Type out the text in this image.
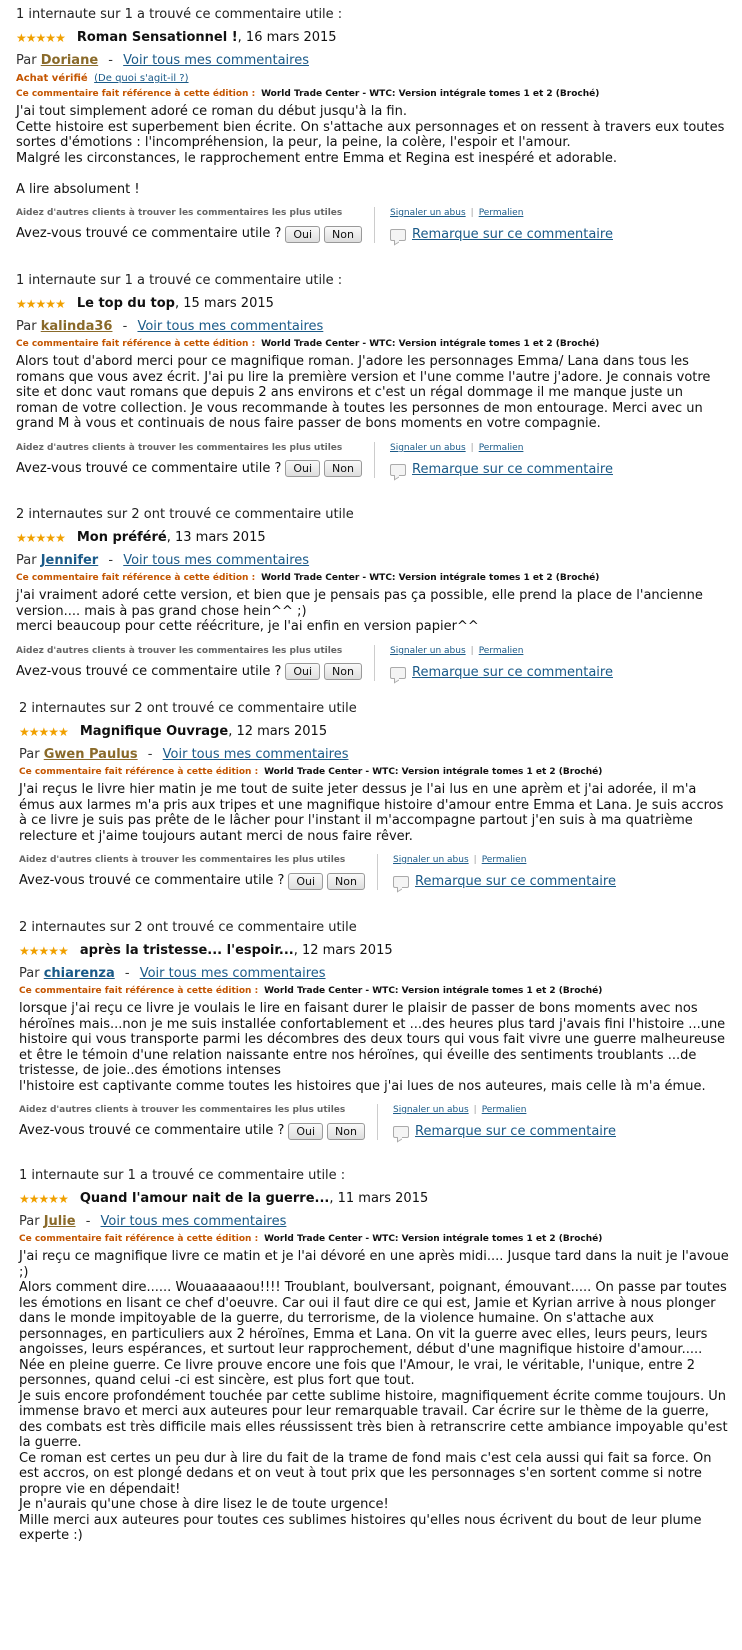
1 internaute sur 1 a trouvé ce commentaire utile :
★ ★ ★ ★ ★ Roman Sensationnel ! , 16 mars 2015
Par Doriane - Voir tous mes commentaires
Achat vérifié (De quoi s'agit-il ?)
Ce commentaire fait référence à cette édition : World Trade Center - WTC: Version intégrale tomes 1 et 2 (Broché)
J'ai tout simplement adoré ce roman du début jusqu'à la fin.
Cette histoire est superbement bien écrite. On s'attache aux personnages et on ressent à travers eux toutes sortes d'émotions : l'incompréhension, la peur, la peine, la colère, l'espoir et l'amour.
Malgré les circonstances, le rapprochement entre Emma et Regina est inespéré et adorable.

A lire absolument !
Aidez d'autres clients à trouver les commentaires les plus utiles
Avez-vous trouvé ce commentaire utile ?	Oui	Non
Signaler un abus | Permalien
Remarque sur ce commentaire
1 internaute sur 1 a trouvé ce commentaire utile :
★ ★ ★ ★ ★ Le top du top , 15 mars 2015
Par kalinda36 - Voir tous mes commentaires
Ce commentaire fait référence à cette édition : World Trade Center - WTC: Version intégrale tomes 1 et 2 (Broché)
Alors tout d'abord merci pour ce magnifique roman. J'adore les personnages Emma/ Lana dans tous les romans que vous avez écrit. J'ai pu lire la première version et l'une comme l'autre j'adore. Je connais votre site et donc vaut romans que depuis 2 ans environs et c'est un régal dommage il me manque juste un roman de votre collection. Je vous recommande à toutes les personnes de mon entourage. Merci avec un grand M à vous et continuais de nous faire passer de bons moments en votre compagnie.
Aidez d'autres clients à trouver les commentaires les plus utiles
Avez-vous trouvé ce commentaire utile ?	Oui	Non
Signaler un abus | Permalien
Remarque sur ce commentaire
2 internautes sur 2 ont trouvé ce commentaire utile
★ ★ ★ ★ ★ Mon préféré , 13 mars 2015
Par Jennifer - Voir tous mes commentaires
Ce commentaire fait référence à cette édition : World Trade Center - WTC: Version intégrale tomes 1 et 2 (Broché)
j'ai vraiment adoré cette version, et bien que je pensais pas ça possible, elle prend la place de l'ancienne version.... mais à pas grand chose hein^^ ;)
merci beaucoup pour cette réécriture, je l'ai enfin en version papier^^
Aidez d'autres clients à trouver les commentaires les plus utiles
Avez-vous trouvé ce commentaire utile ?	Oui	Non
Signaler un abus | Permalien
Remarque sur ce commentaire
2 internautes sur 2 ont trouvé ce commentaire utile
★ ★ ★ ★ ★ Magnifique Ouvrage , 12 mars 2015
Par Gwen Paulus - Voir tous mes commentaires
Ce commentaire fait référence à cette édition : World Trade Center - WTC: Version intégrale tomes 1 et 2 (Broché)
J'ai reçus le livre hier matin je me tout de suite jeter dessus je l'ai lus en une aprèm et j'ai adorée, il m'a émus aux larmes m'a pris aux tripes et une magnifique histoire d'amour entre Emma et Lana. Je suis accros à ce livre je suis pas prête de le lâcher pour l'instant il m'accompagne partout j'en suis à ma quatrième relecture et j'aime toujours autant merci de nous faire rêver.
Aidez d'autres clients à trouver les commentaires les plus utiles
Avez-vous trouvé ce commentaire utile ?	Oui	Non
Signaler un abus | Permalien
Remarque sur ce commentaire
2 internautes sur 2 ont trouvé ce commentaire utile
★ ★ ★ ★ ★ après la tristesse... l'espoir... , 12 mars 2015
Par chiarenza - Voir tous mes commentaires
Ce commentaire fait référence à cette édition : World Trade Center - WTC: Version intégrale tomes 1 et 2 (Broché)
lorsque j'ai reçu ce livre je voulais le lire en faisant durer le plaisir de passer de bons moments avec nos héroïnes mais...non je me suis installée confortablement et ...des heures plus tard j'avais fini l'histoire ...une histoire qui vous transporte parmi les décombres des deux tours qui vous fait vivre une guerre malheureuse et être le témoin d'une relation naissante entre nos héroïnes, qui éveille des sentiments troublants ...de tristesse, de joie..des émotions intenses
l'histoire est captivante comme toutes les histoires que j'ai lues de nos auteures, mais celle là m'a émue.
Aidez d'autres clients à trouver les commentaires les plus utiles
Avez-vous trouvé ce commentaire utile ?	Oui	Non
Signaler un abus | Permalien
Remarque sur ce commentaire
1 internaute sur 1 a trouvé ce commentaire utile :
★ ★ ★ ★ ★ Quand l'amour nait de la guerre... , 11 mars 2015
Par Julie - Voir tous mes commentaires
Ce commentaire fait référence à cette édition : World Trade Center - WTC: Version intégrale tomes 1 et 2 (Broché)
J'ai reçu ce magnifique livre ce matin et je l'ai dévoré en une après midi.... Jusque tard dans la nuit je l'avoue ;)
Alors comment dire...... Wouaaaaaou!!!! Troublant, boulversant, poignant, émouvant..... On passe par toutes les émotions en lisant ce chef d'oeuvre. Car oui il faut dire ce qui est, Jamie et Kyrian arrive à nous plonger dans le monde impitoyable de la guerre, du terrorisme, de la violence humaine. On s'attache aux personnages, en particuliers aux 2 héroïnes, Emma et Lana. On vit la guerre avec elles, leurs peurs, leurs angoisses, leurs espérances, et surtout leur rapprochement, début d'une magnifique histoire d'amour..... Née en pleine guerre. Ce livre prouve encore une fois que l'Amour, le vrai, le véritable, l'unique, entre 2 personnes, quand celui -ci est sincère, est plus fort que tout.
Je suis encore profondément touchée par cette sublime histoire, magnifiquement écrite comme toujours. Un immense bravo et merci aux auteures pour leur remarquable travail. Car écrire sur le thème de la guerre, des combats est très difficile mais elles réussissent très bien à retranscrire cette ambiance impoyable qu'est la guerre.
Ce roman est certes un peu dur à lire du fait de la trame de fond mais c'est cela aussi qui fait sa force. On est accros, on est plongé dedans et on veut à tout prix que les personnages s'en sortent comme si notre propre vie en dépendait!
Je n'aurais qu'une chose à dire lisez le de toute urgence!
Mille merci aux auteures pour toutes ces sublimes histoires qu'elles nous écrivent du bout de leur plume experte :)
